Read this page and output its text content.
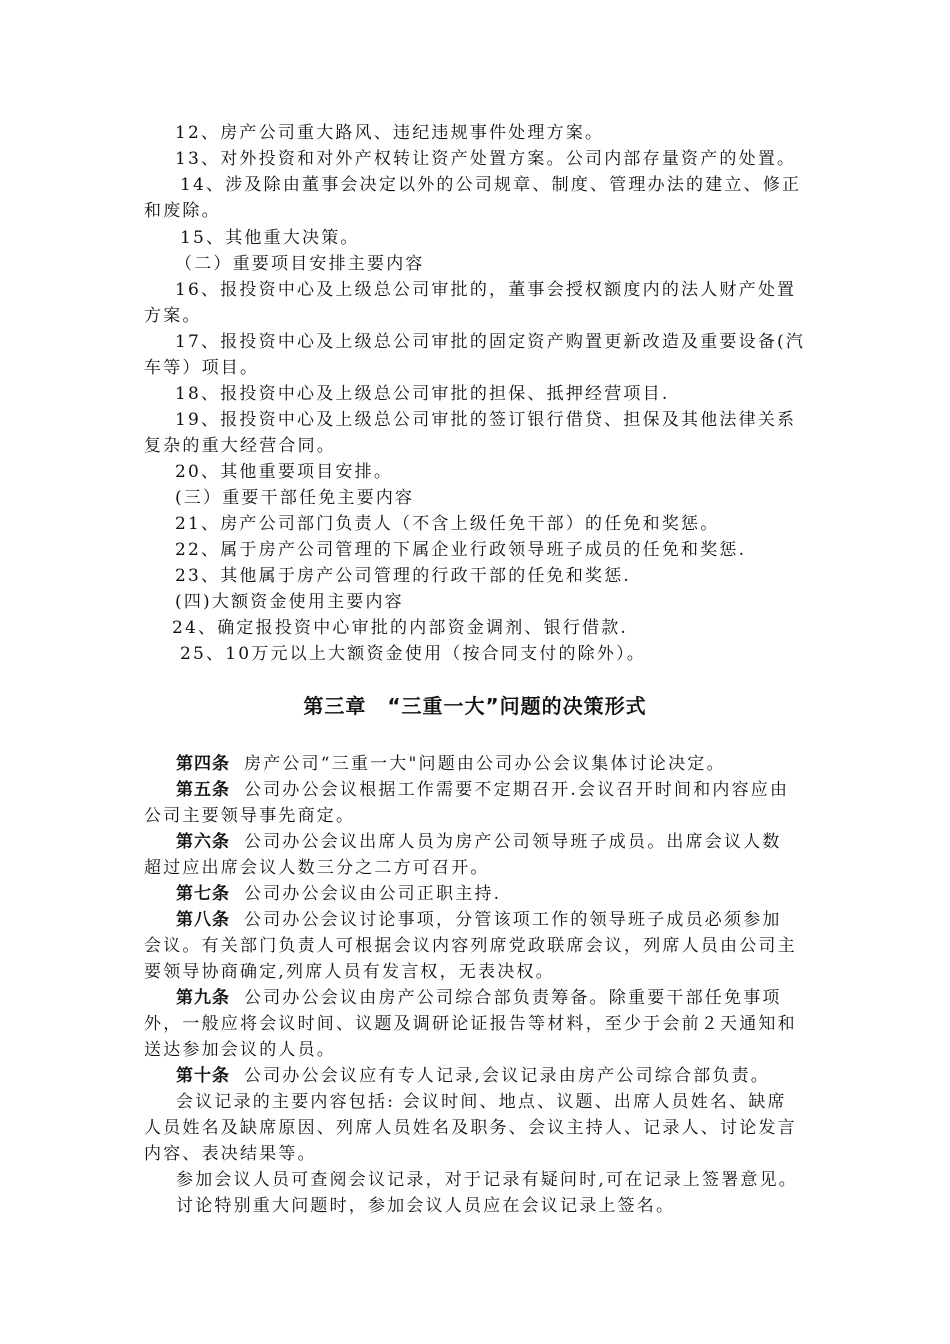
12、房产公司重大路风、违纪违规事件处理方案。
13、对外投资和对外产权转让资产处置方案。公司内部存量资产的处置。
14、涉及除由董事会决定以外的公司规章、制度、管理办法的建立、修正
和废除。
15、其他重大决策。
（二）重要项目安排主要内容
16、报投资中心及上级总公司审批的，董事会授权额度内的法人财产处置
方案。
17、报投资中心及上级总公司审批的固定资产购置更新改造及重要设备(汽
车等）项目。
18、报投资中心及上级总公司审批的担保、抵押经营项目.
19、报投资中心及上级总公司审批的签订银行借贷、担保及其他法律关系
复杂的重大经营合同。
20、其他重要项目安排。
(三）重要干部任免主要内容
21、房产公司部门负责人（不含上级任免干部）的任免和奖惩。
22、属于房产公司管理的下属企业行政领导班子成员的任免和奖惩.
23、其他属于房产公司管理的行政干部的任免和奖惩.
(四)大额资金使用主要内容
24、确定报投资中心审批的内部资金调剂、银行借款.
25、10万元以上大额资金使用（按合同支付的除外）。
第三章　“三重一大”问题的决策形式
第四条 房产公司“三重一大"问题由公司办公会议集体讨论决定。
第五条 公司办公会议根据工作需要不定期召开.会议召开时间和内容应由
公司主要领导事先商定。
第六条 公司办公会议出席人员为房产公司领导班子成员。出席会议人数
超过应出席会议人数三分之二方可召开。
第七条 公司办公会议由公司正职主持.
第八条 公司办公会议讨论事项，分管该项工作的领导班子成员必须参加
会议。有关部门负责人可根据会议内容列席党政联席会议，列席人员由公司主
要领导协商确定,列席人员有发言权，无表决权。
第九条 公司办公会议由房产公司综合部负责筹备。除重要干部任免事项
外，一般应将会议时间、议题及调研论证报告等材料，至少于会前２天通知和
送达参加会议的人员。
第十条 公司办公会议应有专人记录,会议记录由房产公司综合部负责。
会议记录的主要内容包括: 会议时间、地点、议题、出席人员姓名、缺席
人员姓名及缺席原因、列席人员姓名及职务、会议主持人、记录人、讨论发言
内容、表决结果等。
参加会议人员可查阅会议记录，对于记录有疑问时,可在记录上签署意见。
讨论特别重大问题时，参加会议人员应在会议记录上签名。
